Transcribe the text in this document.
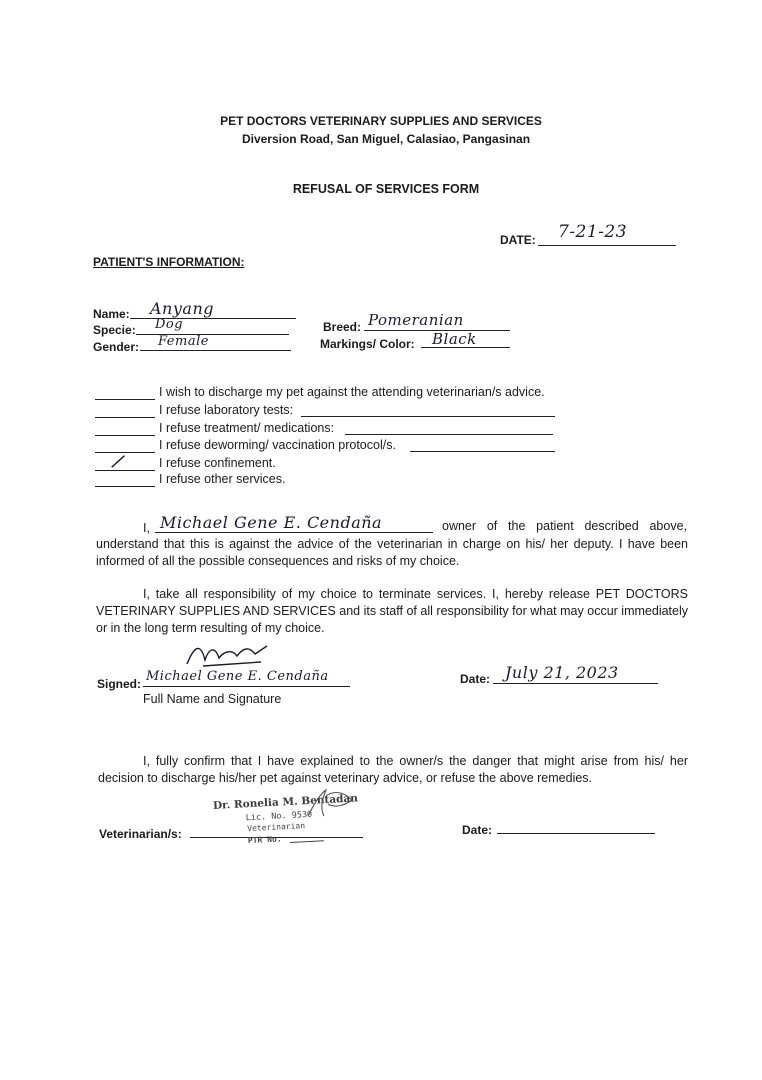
PET DOCTORS VETERINARY SUPPLIES AND SERVICES
Diversion Road, San Miguel, Calasiao, Pangasinan
REFUSAL OF SERVICES FORM
DATE: 7-21-23
PATIENT'S INFORMATION:
Name: Anyang
Specie: Dog
Gender: Female
Breed: Pomeranian
Markings/ Color: Black
I wish to discharge my pet against the attending veterinarian/s advice.
I refuse laboratory tests:
I refuse treatment/ medications:
I refuse deworming/ vaccination protocol/s.
/ I refuse confinement.
I refuse other services.
I, Michael Gene E. Cendaña	owner of the patient described above,
understand that this is against the advice of the veterinarian in charge on his/ her deputy. I have been informed of all the possible consequences and risks of my choice.
I, take all responsibility of my choice to terminate services. I, hereby release PET DOCTORS VETERINARY SUPPLIES AND SERVICES and its staff of all responsibility for what may occur immediately or in the long term resulting of my choice.
Signed: Michael Gene E. Cendaña
Full Name and Signature
Date: July 21, 2023
I, fully confirm that I have explained to the owner/s the danger that might arise from his/ her decision to discharge his/her pet against veterinary advice, or refuse the above remedies.
Veterinarian/s:
Dr. Ronelia M. Bentadan
Lic. No. 9530
Veterinarian
PTR No.
Date:
